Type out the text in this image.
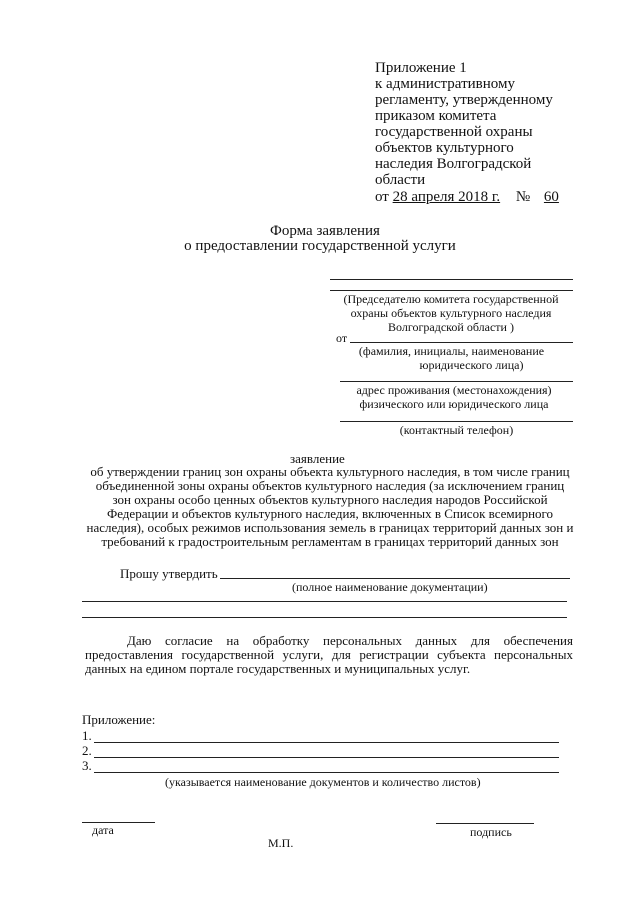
Приложение 1
к административному
регламенту, утвержденному
приказом комитета
государственной охраны
объектов культурного
наследия Волгоградской
области
от 28 апреля 2018 г. № 60
Форма заявления
о предоставлении государственной услуги
(Председателю комитета государственной
охраны объектов культурного наследия
Волгоградской области )
от
(фамилия, инициалы, наименование
юридического лица)
адрес проживания (местонахождения)
физического или юридического лица
(контактный телефон)
заявление
об утверждении границ зон охраны объекта культурного наследия, в том числе границ объединенной зоны охраны объектов культурного наследия (за исключением границ зон охраны особо ценных объектов культурного наследия народов Российской Федерации и объектов культурного наследия, включенных в Список всемирного наследия), особых режимов использования земель в границах территорий данных зон и требований к градостроительным регламентам в границах территорий данных зон
Прошу утвердить
(полное наименование документации)
Даю согласие на обработку персональных данных для обеспечения предоставления государственной услуги, для регистрации субъекта персональных данных на едином портале государственных и муниципальных услуг.
Приложение:
1.
2.
3.
(указывается наименование документов и количество листов)
дата	подпись
М.П.
